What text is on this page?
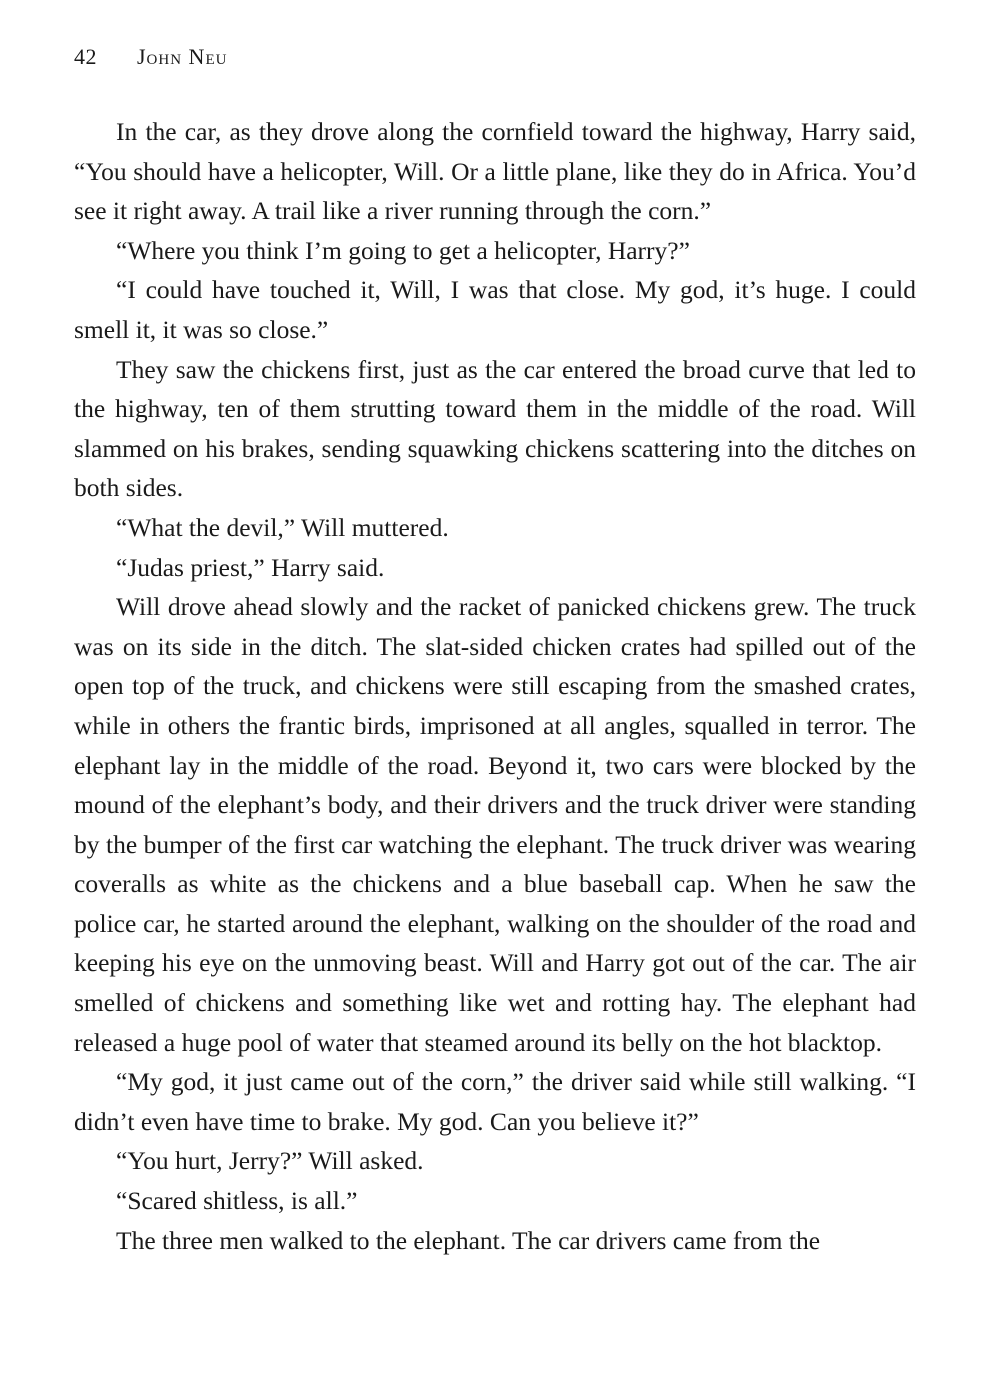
42 John Neu

In the car, as they drove along the cornfield toward the highway, Harry said, “You should have a helicopter, Will. Or a little plane, like they do in Africa. You’d see it right away. A trail like a river running through the corn.”

“Where you think I’m going to get a helicopter, Harry?”

“I could have touched it, Will, I was that close. My god, it’s huge. I could smell it, it was so close.”

They saw the chickens first, just as the car entered the broad curve that led to the highway, ten of them strutting toward them in the middle of the road. Will slammed on his brakes, sending squawking chickens scattering into the ditches on both sides.

“What the devil,” Will muttered.

“Judas priest,” Harry said.

Will drove ahead slowly and the racket of panicked chickens grew. The truck was on its side in the ditch. The slat-sided chicken crates had spilled out of the open top of the truck, and chickens were still escaping from the smashed crates, while in others the frantic birds, imprisoned at all angles, squalled in terror. The elephant lay in the middle of the road. Beyond it, two cars were blocked by the mound of the elephant’s body, and their drivers and the truck driver were standing by the bumper of the first car watching the elephant. The truck driver was wearing coveralls as white as the chickens and a blue baseball cap. When he saw the police car, he started around the elephant, walking on the shoulder of the road and keeping his eye on the unmoving beast. Will and Harry got out of the car. The air smelled of chickens and something like wet and rotting hay. The elephant had released a huge pool of water that steamed around its belly on the hot blacktop.

“My god, it just came out of the corn,” the driver said while still walking. “I didn’t even have time to brake. My god. Can you believe it?”

“You hurt, Jerry?” Will asked.

“Scared shitless, is all.”

The three men walked to the elephant. The car drivers came from the
